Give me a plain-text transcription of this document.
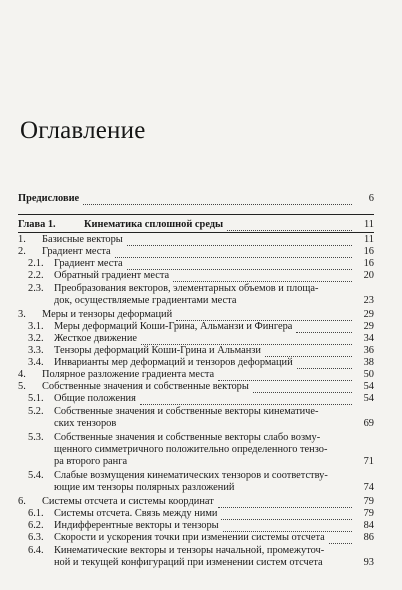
Оглавление
Предисловие	6
Глава 1.	Кинематика сплошной среды	11
1.	Базисные векторы	11
2.	Градиент места	16
2.1.	Градиент места	16
2.2.	Обратный градиент места	20
2.3. Преобразования векторов, элементарных объемов и площа-
док, осуществляемые градиентами места	23
3.	Меры и тензоры деформаций	29
3.1.	Меры деформаций Коши-Грина, Альманзи и Фингера	29
3.2.	Жесткое движение	34
3.3.	Тензоры деформаций Коши-Грина и Альманзи	36
3.4.	Инварианты мер деформаций и тензоров деформаций	38
4.	Полярное разложение градиента места	50
5.	Собственные значения и собственные векторы	54
5.1.	Общие положения	54
5.2. Собственные значения и собственные векторы кинематиче-
ских тензоров	69
5.3. Собственные значения и собственные векторы слабо возму-
щенного симметричного положительно определенного тензо-
ра второго ранга	71
5.4. Слабые возмущения кинематических тензоров и соответству-
ющие им тензоры полярных разложений	74
6.	Системы отсчета и системы координат	79
6.1.	Системы отсчета. Связь между ними	79
6.2.	Индифферентные векторы и тензоры	84
6.3.	Скорости и ускорения точки при изменении системы отсчета	86
6.4. Кинематические векторы и тензоры начальной, промежуточ-
ной и текущей конфигураций при изменении систем отсчета	93
